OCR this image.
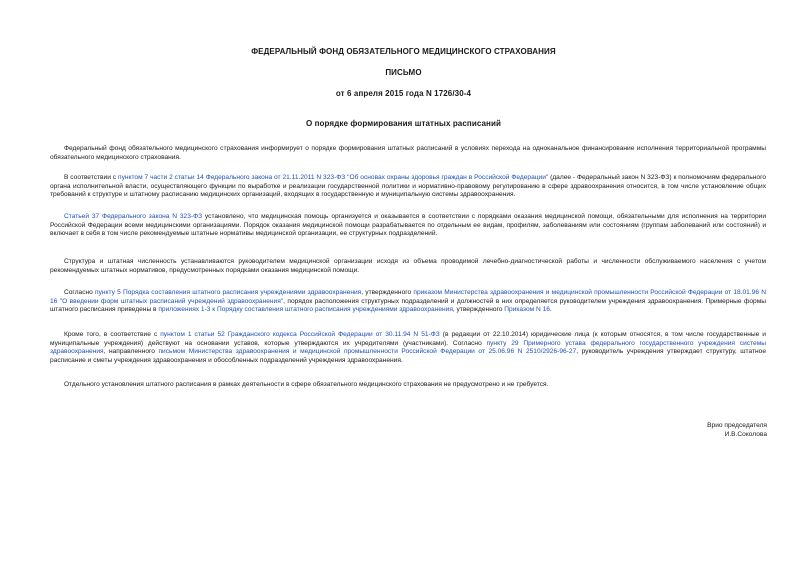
ФЕДЕРАЛЬНЫЙ ФОНД ОБЯЗАТЕЛЬНОГО МЕДИЦИНСКОГО СТРАХОВАНИЯ
ПИСЬМО
от 6 апреля 2015 года N 1726/30-4
О порядке формирования штатных расписаний
Федеральный фонд обязательного медицинского страхования информирует о порядке формирования штатных расписаний в условиях перехода на одноканальное финансирование исполнения территориальной программы обязательного медицинского страхования.
В соответствии с пунктом 7 части 2 статьи 14 Федерального закона от 21.11.2011 N 323-ФЗ "Об основах охраны здоровья граждан в Российской Федерации" (далее - Федеральный закон N 323-ФЗ) к полномочиям федерального органа исполнительной власти, осуществляющего функции по выработке и реализации государственной политики и нормативно-правовому регулированию в сфере здравоохранения относится, в том числе установление общих требований к структуре и штатному расписанию медицинских организаций, входящих в государственную и муниципальную системы здравоохранения.
Статьей 37 Федерального закона N 323-ФЗ установлено, что медицинская помощь организуется и оказывается в соответствии с порядками оказания медицинской помощи, обязательными для исполнения на территории Российской Федерации всеми медицинскими организациями. Порядок оказания медицинской помощи разрабатывается по отдельным ее видам, профилям, заболеваниям или состояниям (группам заболеваний или состояний) и включает в себя в том числе рекомендуемые штатные нормативы медицинской организации, ее структурных подразделений.
Структура и штатная численность устанавливаются руководителем медицинской организации исходя из объема проводимой лечебно-диагностической работы и численности обслуживаемого населения с учетом рекомендуемых штатных нормативов, предусмотренных порядками оказания медицинской помощи.
Согласно пункту 5 Порядка составления штатного расписания учреждениями здравоохранения, утвержденного приказом Министерства здравоохранения и медицинской промышленности Российской Федерации от 18.01.96 N 16 "О введении форм штатных расписаний учреждений здравоохранения", порядок расположения структурных подразделений и должностей в них определяется руководителем учреждения здравоохранения. Примерные формы штатного расписания приведены в приложениях 1-3 к Порядку составления штатного расписания учреждениями здравоохранения, утвержденного Приказом N 16.
Кроме того, в соответствие с пунктом 1 статьи 52 Гражданского кодекса Российской Федерации от 30.11.94 N 51-ФЗ (в редакции от 22.10.2014) юридические лица (к которым относятся, в том числе государственные и муниципальные учреждения) действуют на основании уставов, которые утверждаются их учредителями (участниками). Согласно пункту 29 Примерного устава федерального государственного учреждения системы здравоохранения, направленного письмом Министерства здравоохранения и медицинской промышленности Российской Федерации от 25.06.96 N 2510/2926-96-27, руководитель учреждения утверждает структуру, штатное расписание и сметы учреждения здравоохранения и обособленных подразделений учреждения здравоохранения.
Отдельного установления штатного расписания в рамках деятельности в сфере обязательного медицинского страхования не предусмотрено и не требуется.
Врио председателя
И.В.Соколова
